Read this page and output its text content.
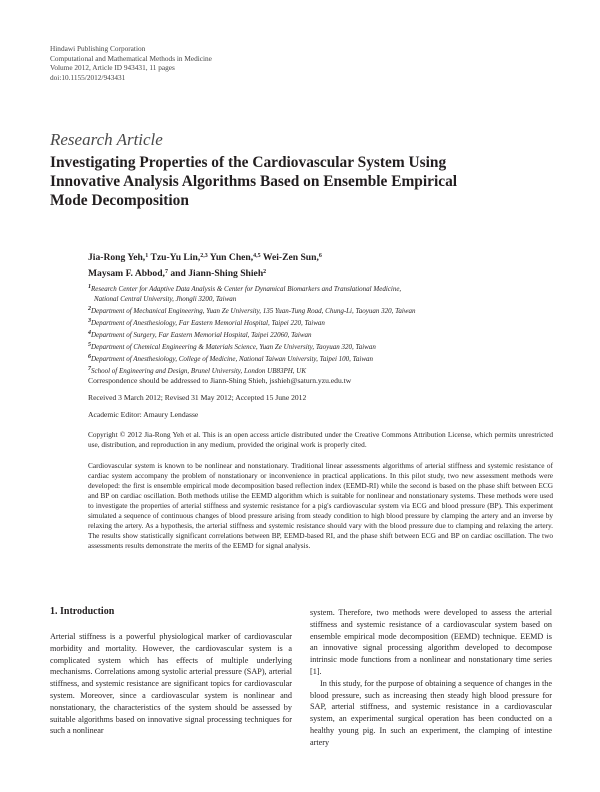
Hindawi Publishing Corporation
Computational and Mathematical Methods in Medicine
Volume 2012, Article ID 943431, 11 pages
doi:10.1155/2012/943431
Research Article
Investigating Properties of the Cardiovascular System Using Innovative Analysis Algorithms Based on Ensemble Empirical Mode Decomposition
Jia-Rong Yeh,$^1$ Tzu-Yu Lin,$^{2,3}$ Yun Chen,$^{4,5}$ Wei-Zen Sun,$^6$
Maysam F. Abbod,$^7$ and Jiann-Shing Shieh$^2$
$^1$Research Center for Adaptive Data Analysis & Center for Dynamical Biomarkers and Translational Medicine,
National Central University, Jhongli 3200, Taiwan
$^2$Department of Mechanical Engineering, Yuan Ze University, 135 Yuan-Tung Road, Chung-Li, Taoyuan 320, Taiwan
$^3$Department of Anesthesiology, Far Eastern Memorial Hospital, Taipei 220, Taiwan
$^4$Department of Surgery, Far Eastern Memorial Hospital, Taipei 22060, Taiwan
$^5$Department of Chemical Engineering & Materials Science, Yuan Ze University, Taoyuan 320, Taiwan
$^6$Department of Anesthesiology, College of Medicine, National Taiwan University, Taipei 100, Taiwan
$^7$School of Engineering and Design, Brunel University, London UB83PH, UK
Correspondence should be addressed to Jiann-Shing Shieh, jsshieh@saturn.yzu.edu.tw
Received 3 March 2012; Revised 31 May 2012; Accepted 15 June 2012
Academic Editor: Amaury Lendasse
Copyright © 2012 Jia-Rong Yeh et al. This is an open access article distributed under the Creative Commons Attribution License, which permits unrestricted use, distribution, and reproduction in any medium, provided the original work is properly cited.
Cardiovascular system is known to be nonlinear and nonstationary. Traditional linear assessments algorithms of arterial stiffness and systemic resistance of cardiac system accompany the problem of nonstationary or inconvenience in practical applications. In this pilot study, two new assessment methods were developed: the first is ensemble empirical mode decomposition based reflection index (EEMD-RI) while the second is based on the phase shift between ECG and BP on cardiac oscillation. Both methods utilise the EEMD algorithm which is suitable for nonlinear and nonstationary systems. These methods were used to investigate the properties of arterial stiffness and systemic resistance for a pig's cardiovascular system via ECG and blood pressure (BP). This experiment simulated a sequence of continuous changes of blood pressure arising from steady condition to high blood pressure by clamping the artery and an inverse by relaxing the artery. As a hypothesis, the arterial stiffness and systemic resistance should vary with the blood pressure due to clamping and relaxing the artery. The results show statistically significant correlations between BP, EEMD-based RI, and the phase shift between ECG and BP on cardiac oscillation. The two assessments results demonstrate the merits of the EEMD for signal analysis.
1. Introduction

Arterial stiffness is a powerful physiological marker of cardiovascular morbidity and mortality. However, the cardiovascular system is a complicated system which has effects of multiple underlying mechanisms. Correlations among systolic arterial pressure (SAP), arterial stiffness, and systemic resistance are significant topics for cardiovascular system. Moreover, since a cardiovascular system is nonlinear and nonstationary, the characteristics of the system should be assessed by suitable algorithms based on innovative signal processing techniques for such a nonlinear

system. Therefore, two methods were developed to assess the arterial stiffness and systemic resistance of a cardiovascular system based on ensemble empirical mode decomposition (EEMD) technique. EEMD is an innovative signal processing algorithm developed to decompose intrinsic mode functions from a nonlinear and nonstationary time series [1].

In this study, for the purpose of obtaining a sequence of changes in the blood pressure, such as increasing then steady high blood pressure for SAP, arterial stiffness, and systemic resistance in a cardiovascular system, an experimental surgical operation has been conducted on a healthy young pig. In such an experiment, the clamping of intestine artery
